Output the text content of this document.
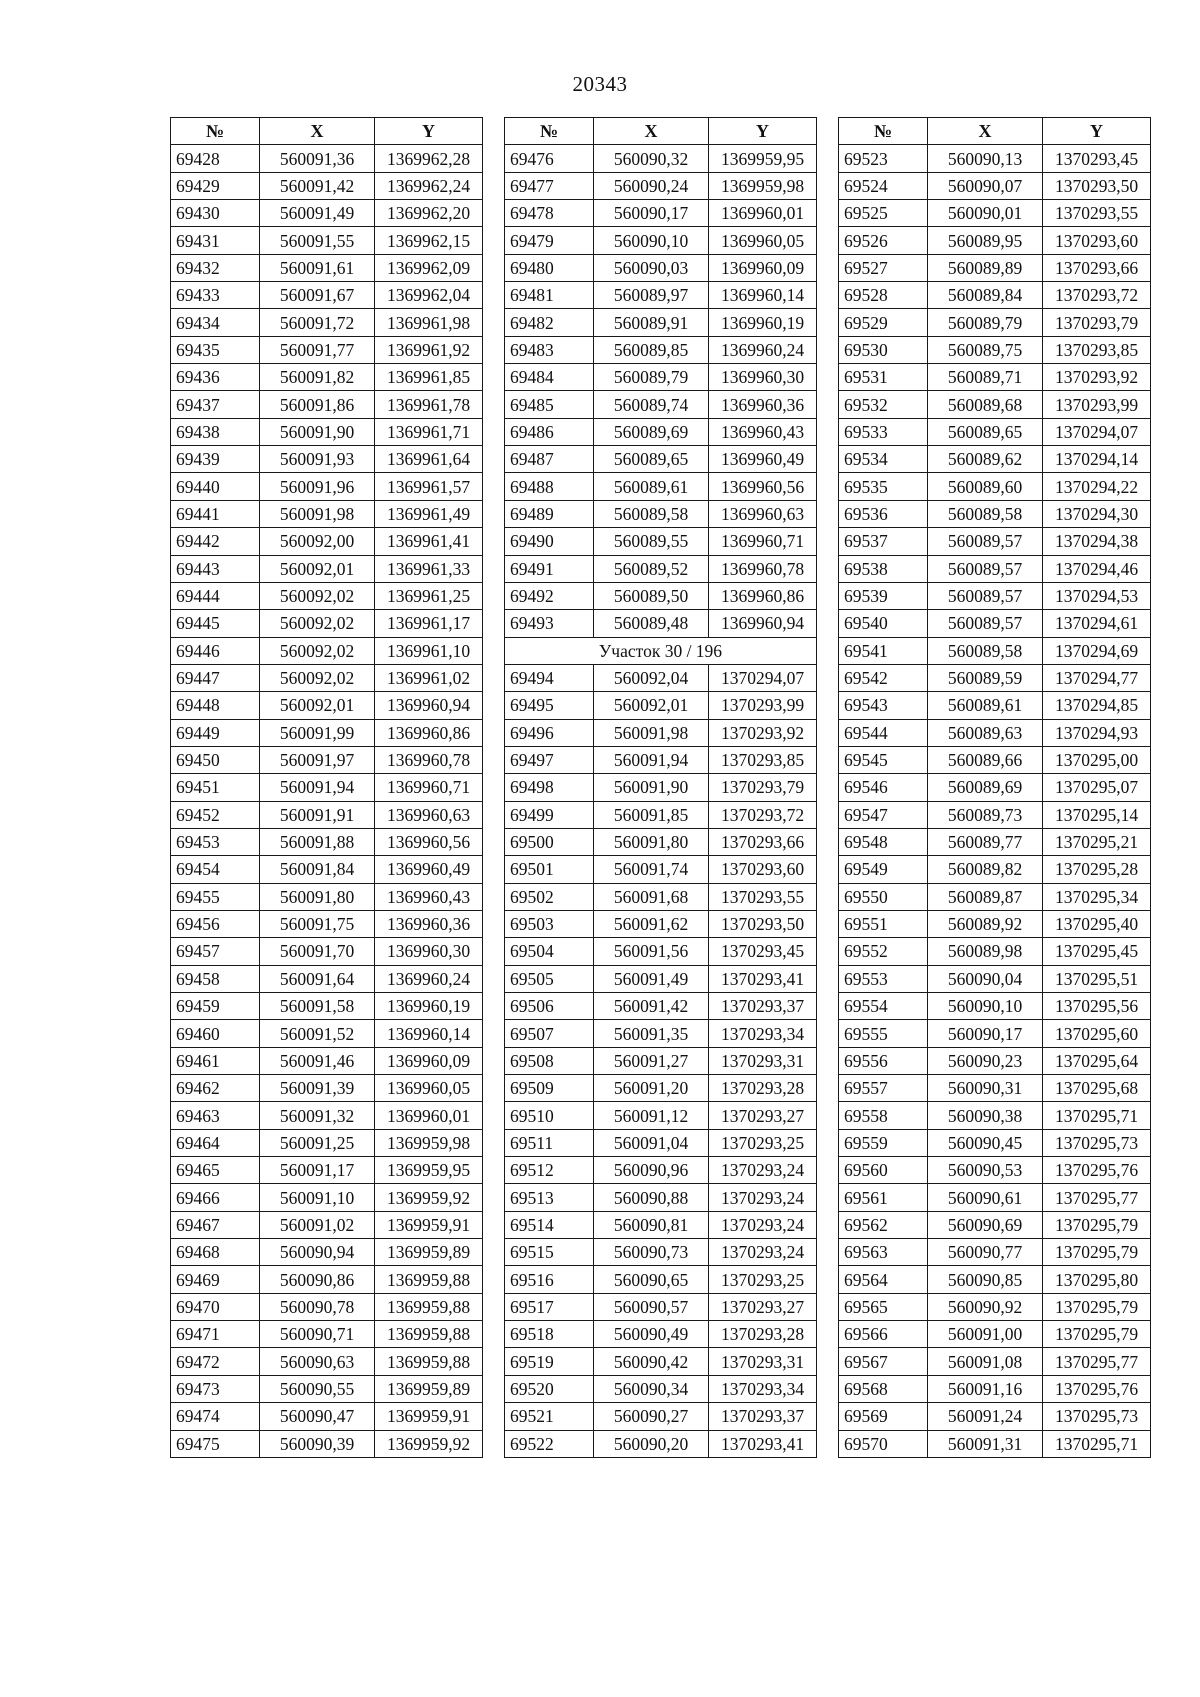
20343
№	X	Y
69428	560091,36	1369962,28
69429	560091,42	1369962,24
69430	560091,49	1369962,20
69431	560091,55	1369962,15
69432	560091,61	1369962,09
69433	560091,67	1369962,04
69434	560091,72	1369961,98
69435	560091,77	1369961,92
69436	560091,82	1369961,85
69437	560091,86	1369961,78
69438	560091,90	1369961,71
69439	560091,93	1369961,64
69440	560091,96	1369961,57
69441	560091,98	1369961,49
69442	560092,00	1369961,41
69443	560092,01	1369961,33
69444	560092,02	1369961,25
69445	560092,02	1369961,17
69446	560092,02	1369961,10
69447	560092,02	1369961,02
69448	560092,01	1369960,94
69449	560091,99	1369960,86
69450	560091,97	1369960,78
69451	560091,94	1369960,71
69452	560091,91	1369960,63
69453	560091,88	1369960,56
69454	560091,84	1369960,49
69455	560091,80	1369960,43
69456	560091,75	1369960,36
69457	560091,70	1369960,30
69458	560091,64	1369960,24
69459	560091,58	1369960,19
69460	560091,52	1369960,14
69461	560091,46	1369960,09
69462	560091,39	1369960,05
69463	560091,32	1369960,01
69464	560091,25	1369959,98
69465	560091,17	1369959,95
69466	560091,10	1369959,92
69467	560091,02	1369959,91
69468	560090,94	1369959,89
69469	560090,86	1369959,88
69470	560090,78	1369959,88
69471	560090,71	1369959,88
69472	560090,63	1369959,88
69473	560090,55	1369959,89
69474	560090,47	1369959,91
69475	560090,39	1369959,92
№	X	Y
69476	560090,32	1369959,95
69477	560090,24	1369959,98
69478	560090,17	1369960,01
69479	560090,10	1369960,05
69480	560090,03	1369960,09
69481	560089,97	1369960,14
69482	560089,91	1369960,19
69483	560089,85	1369960,24
69484	560089,79	1369960,30
69485	560089,74	1369960,36
69486	560089,69	1369960,43
69487	560089,65	1369960,49
69488	560089,61	1369960,56
69489	560089,58	1369960,63
69490	560089,55	1369960,71
69491	560089,52	1369960,78
69492	560089,50	1369960,86
69493	560089,48	1369960,94
Участок 30 / 196		
69494	560092,04	1370294,07
69495	560092,01	1370293,99
69496	560091,98	1370293,92
69497	560091,94	1370293,85
69498	560091,90	1370293,79
69499	560091,85	1370293,72
69500	560091,80	1370293,66
69501	560091,74	1370293,60
69502	560091,68	1370293,55
69503	560091,62	1370293,50
69504	560091,56	1370293,45
69505	560091,49	1370293,41
69506	560091,42	1370293,37
69507	560091,35	1370293,34
69508	560091,27	1370293,31
69509	560091,20	1370293,28
69510	560091,12	1370293,27
69511	560091,04	1370293,25
69512	560090,96	1370293,24
69513	560090,88	1370293,24
69514	560090,81	1370293,24
69515	560090,73	1370293,24
69516	560090,65	1370293,25
69517	560090,57	1370293,27
69518	560090,49	1370293,28
69519	560090,42	1370293,31
69520	560090,34	1370293,34
69521	560090,27	1370293,37
69522	560090,20	1370293,41
№	X	Y
69523	560090,13	1370293,45
69524	560090,07	1370293,50
69525	560090,01	1370293,55
69526	560089,95	1370293,60
69527	560089,89	1370293,66
69528	560089,84	1370293,72
69529	560089,79	1370293,79
69530	560089,75	1370293,85
69531	560089,71	1370293,92
69532	560089,68	1370293,99
69533	560089,65	1370294,07
69534	560089,62	1370294,14
69535	560089,60	1370294,22
69536	560089,58	1370294,30
69537	560089,57	1370294,38
69538	560089,57	1370294,46
69539	560089,57	1370294,53
69540	560089,57	1370294,61
69541	560089,58	1370294,69
69542	560089,59	1370294,77
69543	560089,61	1370294,85
69544	560089,63	1370294,93
69545	560089,66	1370295,00
69546	560089,69	1370295,07
69547	560089,73	1370295,14
69548	560089,77	1370295,21
69549	560089,82	1370295,28
69550	560089,87	1370295,34
69551	560089,92	1370295,40
69552	560089,98	1370295,45
69553	560090,04	1370295,51
69554	560090,10	1370295,56
69555	560090,17	1370295,60
69556	560090,23	1370295,64
69557	560090,31	1370295,68
69558	560090,38	1370295,71
69559	560090,45	1370295,73
69560	560090,53	1370295,76
69561	560090,61	1370295,77
69562	560090,69	1370295,79
69563	560090,77	1370295,79
69564	560090,85	1370295,80
69565	560090,92	1370295,79
69566	560091,00	1370295,79
69567	560091,08	1370295,77
69568	560091,16	1370295,76
69569	560091,24	1370295,73
69570	560091,31	1370295,71
